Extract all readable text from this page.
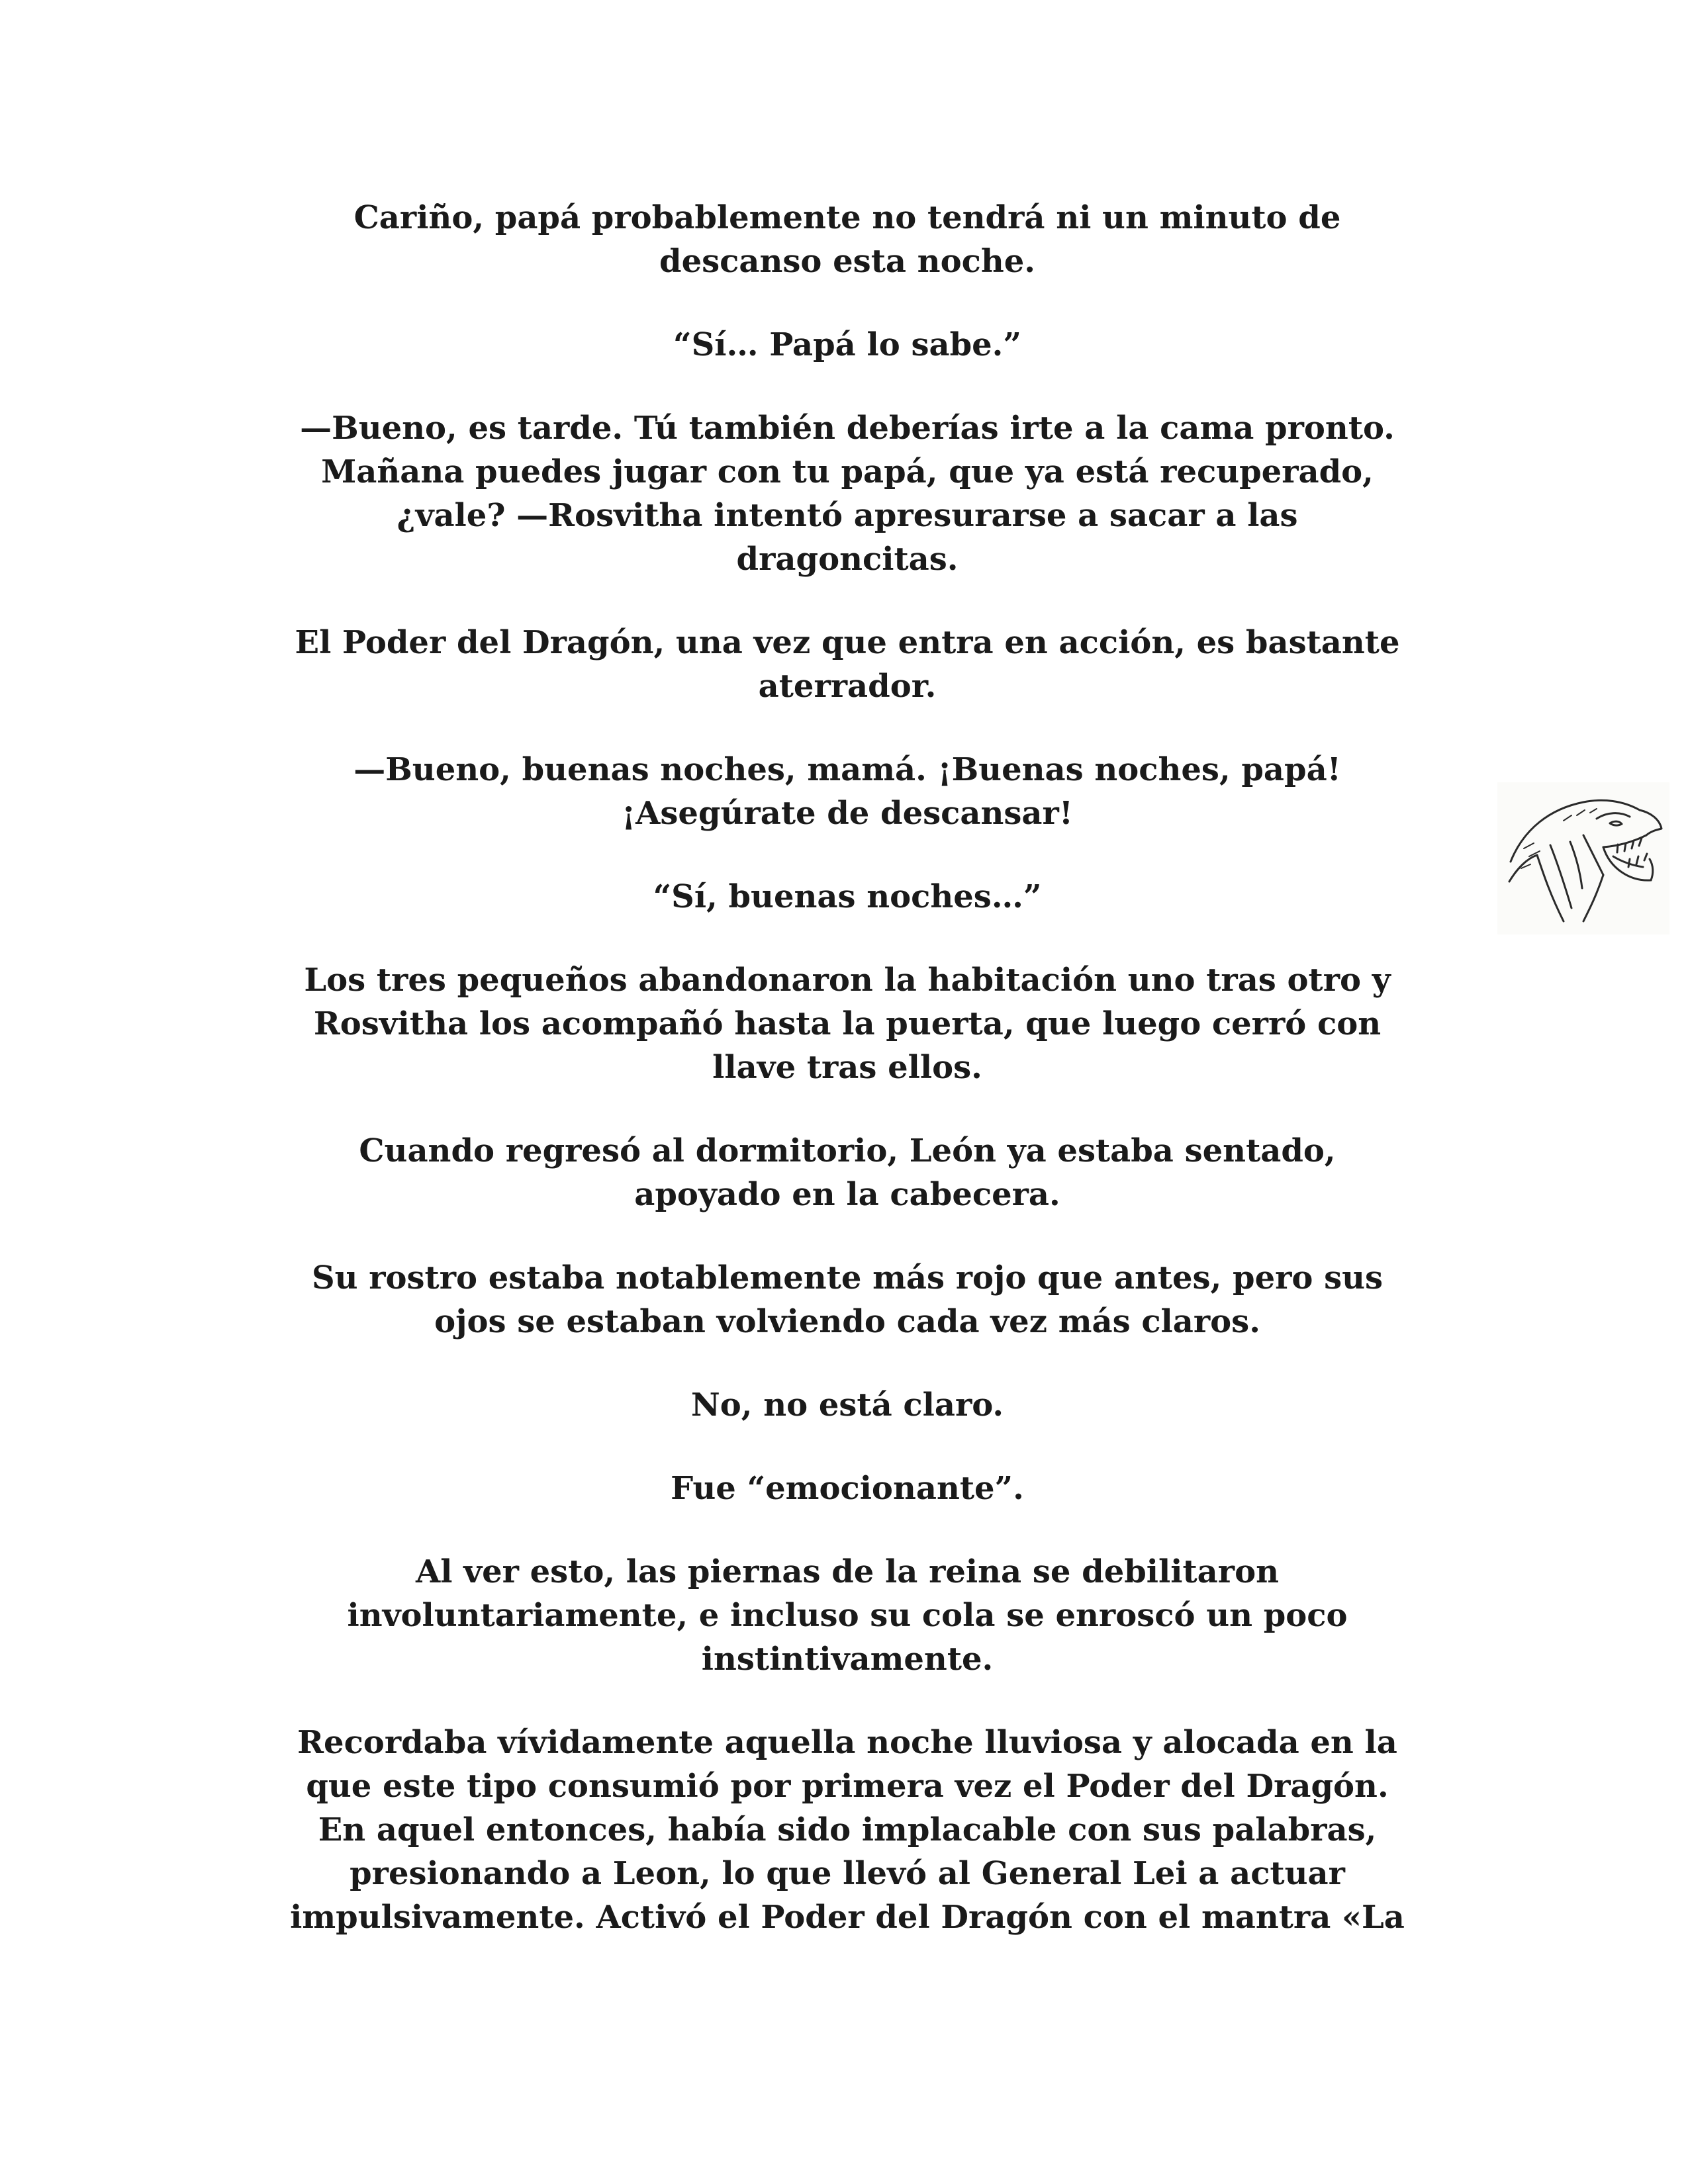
Cariño, papá probablemente no tendrá ni un minuto de
descanso esta noche.

“Sí… Papá lo sabe.”

—Bueno, es tarde. Tú también deberías irte a la cama pronto.
Mañana puedes jugar con tu papá, que ya está recuperado,
¿vale? —Rosvitha intentó apresurarse a sacar a las
dragoncitas.

El Poder del Dragón, una vez que entra en acción, es bastante
aterrador.

—Bueno, buenas noches, mamá. ¡Buenas noches, papá!
¡Asegúrate de descansar!

“Sí, buenas noches…”

Los tres pequeños abandonaron la habitación uno tras otro y
Rosvitha los acompañó hasta la puerta, que luego cerró con
llave tras ellos.

Cuando regresó al dormitorio, León ya estaba sentado,
apoyado en la cabecera.

Su rostro estaba notablemente más rojo que antes, pero sus
ojos se estaban volviendo cada vez más claros.

No, no está claro.

Fue “emocionante”.

Al ver esto, las piernas de la reina se debilitaron
involuntariamente, e incluso su cola se enroscó un poco
instintivamente.

Recordaba vívidamente aquella noche lluviosa y alocada en la
que este tipo consumió por primera vez el Poder del Dragón.
En aquel entonces, había sido implacable con sus palabras,
presionando a Leon, lo que llevó al General Lei a actuar
impulsivamente. Activó el Poder del Dragón con el mantra «La
